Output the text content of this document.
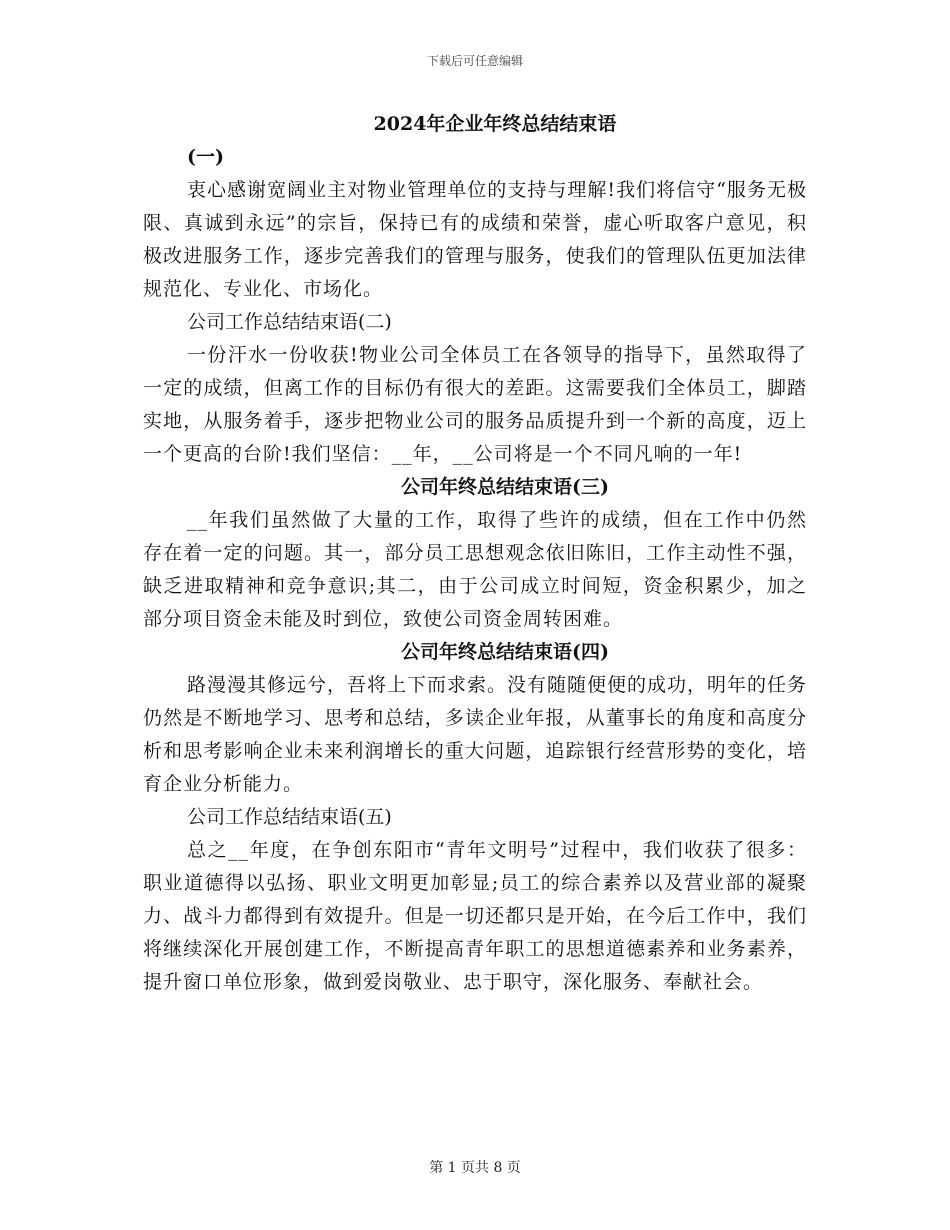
下载后可任意编辑
2024年企业年终总结结束语

(一)

衷心感谢宽阔业主对物业管理单位的支持与理解!我们将信守“服务无极限、真诚到永远”的宗旨，保持已有的成绩和荣誉，虚心听取客户意见，积极改进服务工作，逐步完善我们的管理与服务，使我们的管理队伍更加法律规范化、专业化、市场化。

公司工作总结结束语(二)

一份汗水一份收获!物业公司全体员工在各领导的指导下，虽然取得了一定的成绩，但离工作的目标仍有很大的差距。这需要我们全体员工，脚踏实地，从服务着手，逐步把物业公司的服务品质提升到一个新的高度，迈上一个更高的台阶!我们坚信：__年，__公司将是一个不同凡响的一年!

公司年终总结结束语(三)

__年我们虽然做了大量的工作，取得了些许的成绩，但在工作中仍然存在着一定的问题。其一，部分员工思想观念依旧陈旧，工作主动性不强，缺乏进取精神和竞争意识;其二，由于公司成立时间短，资金积累少，加之部分项目资金未能及时到位，致使公司资金周转困难。

公司年终总结结束语(四)

路漫漫其修远兮，吾将上下而求索。没有随随便便的成功，明年的任务仍然是不断地学习、思考和总结，多读企业年报，从董事长的角度和高度分析和思考影响企业未来利润增长的重大问题，追踪银行经营形势的变化，培育企业分析能力。

公司工作总结结束语(五)

总之__年度，在争创东阳市“青年文明号”过程中，我们收获了很多：职业道德得以弘扬、职业文明更加彰显;员工的综合素养以及营业部的凝聚力、战斗力都得到有效提升。但是一切还都只是开始，在今后工作中，我们将继续深化开展创建工作，不断提高青年职工的思想道德素养和业务素养，提升窗口单位形象，做到爱岗敬业、忠于职守，深化服务、奉献社会。

第 1 页共 8 页
